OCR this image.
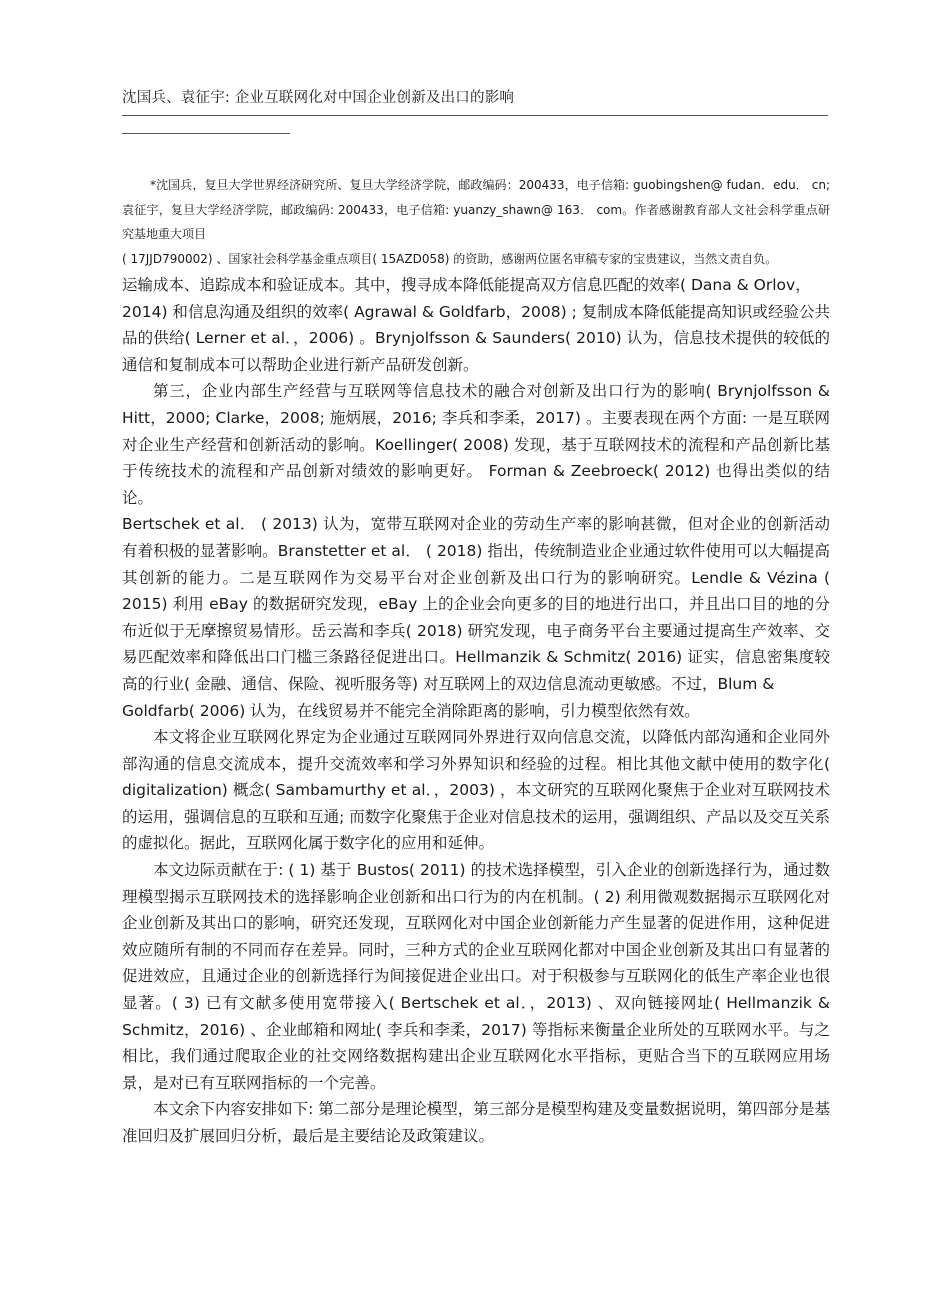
沈国兵、袁征宇: 企业互联网化对中国企业创新及出口的影响

*沈国兵，复旦大学世界经济研究所、复旦大学经济学院，邮政编码：200433，电子信箱: guobingshen@ fudan．edu． cn; 袁征宇，复旦大学经济学院，邮政编码: 200433，电子信箱: yuanzy_shawn@ 163． com。作者感谢教育部人文社会科学重点研究基地重大项目

( 17JJD790002) 、国家社会科学基金重点项目( 15AZD058) 的资助，感谢两位匿名审稿专家的宝贵建议，当然文责自负。

运输成本、追踪成本和验证成本。其中，搜寻成本降低能提高双方信息匹配的效率( Dana & Orlov，

2014) 和信息沟通及组织的效率( Agrawal & Goldfarb，2008) ; 复制成本降低能提高知识或经验公共品的供给( Lerner et al．，2006) 。Brynjolfsson & Saunders( 2010) 认为，信息技术提供的较低的通信和复制成本可以帮助企业进行新产品研发创新。

第三，企业内部生产经营与互联网等信息技术的融合对创新及出口行为的影响( Brynjolfsson & Hitt，2000; Clarke，2008; 施炳展，2016; 李兵和李柔，2017) 。主要表现在两个方面: 一是互联网对企业生产经营和创新活动的影响。Koellinger( 2008) 发现，基于互联网技术的流程和产品创新比基于传统技术的流程和产品创新对绩效的影响更好。 Forman & Zeebroeck( 2012) 也得出类似的结论。

Bertschek et al． ( 2013) 认为，宽带互联网对企业的劳动生产率的影响甚微，但对企业的创新活动有着积极的显著影响。Branstetter et al． ( 2018) 指出，传统制造业企业通过软件使用可以大幅提高其创新的能力。二是互联网作为交易平台对企业创新及出口行为的影响研究。Lendle & Vézina ( 2015) 利用 eBay 的数据研究发现，eBay 上的企业会向更多的目的地进行出口，并且出口目的地的分布近似于无摩擦贸易情形。岳云嵩和李兵( 2018) 研究发现，电子商务平台主要通过提高生产效率、交易匹配效率和降低出口门槛三条路径促进出口。Hellmanzik & Schmitz( 2016) 证实，信息密集度较高的行业( 金融、通信、保险、视听服务等) 对互联网上的双边信息流动更敏感。不过，Blum &

Goldfarb( 2006) 认为，在线贸易并不能完全消除距离的影响，引力模型依然有效。

本文将企业互联网化界定为企业通过互联网同外界进行双向信息交流，以降低内部沟通和企业同外部沟通的信息交流成本，提升交流效率和学习外界知识和经验的过程。相比其他文献中使用的数字化( digitalization) 概念( Sambamurthy et al．，2003) ，本文研究的互联网化聚焦于企业对互联网技术的运用，强调信息的互联和互通; 而数字化聚焦于企业对信息技术的运用，强调组织、产品以及交互关系的虚拟化。据此，互联网化属于数字化的应用和延伸。

本文边际贡献在于: ( 1) 基于 Bustos( 2011) 的技术选择模型，引入企业的创新选择行为，通过数理模型揭示互联网技术的选择影响企业创新和出口行为的内在机制。( 2) 利用微观数据揭示互联网化对企业创新及其出口的影响，研究还发现，互联网化对中国企业创新能力产生显著的促进作用，这种促进效应随所有制的不同而存在差异。同时，三种方式的企业互联网化都对中国企业创新及其出口有显著的促进效应，且通过企业的创新选择行为间接促进企业出口。对于积极参与互联网化的低生产率企业也很显著。( 3) 已有文献多使用宽带接入( Bertschek et al．，2013) 、双向链接网址( Hellmanzik & Schmitz，2016) 、企业邮箱和网址( 李兵和李柔，2017) 等指标来衡量企业所处的互联网水平。与之相比，我们通过爬取企业的社交网络数据构建出企业互联网化水平指标，更贴合当下的互联网应用场景，是对已有互联网指标的一个完善。

本文余下内容安排如下: 第二部分是理论模型，第三部分是模型构建及变量数据说明，第四部分是基准回归及扩展回归分析，最后是主要结论及政策建议。
